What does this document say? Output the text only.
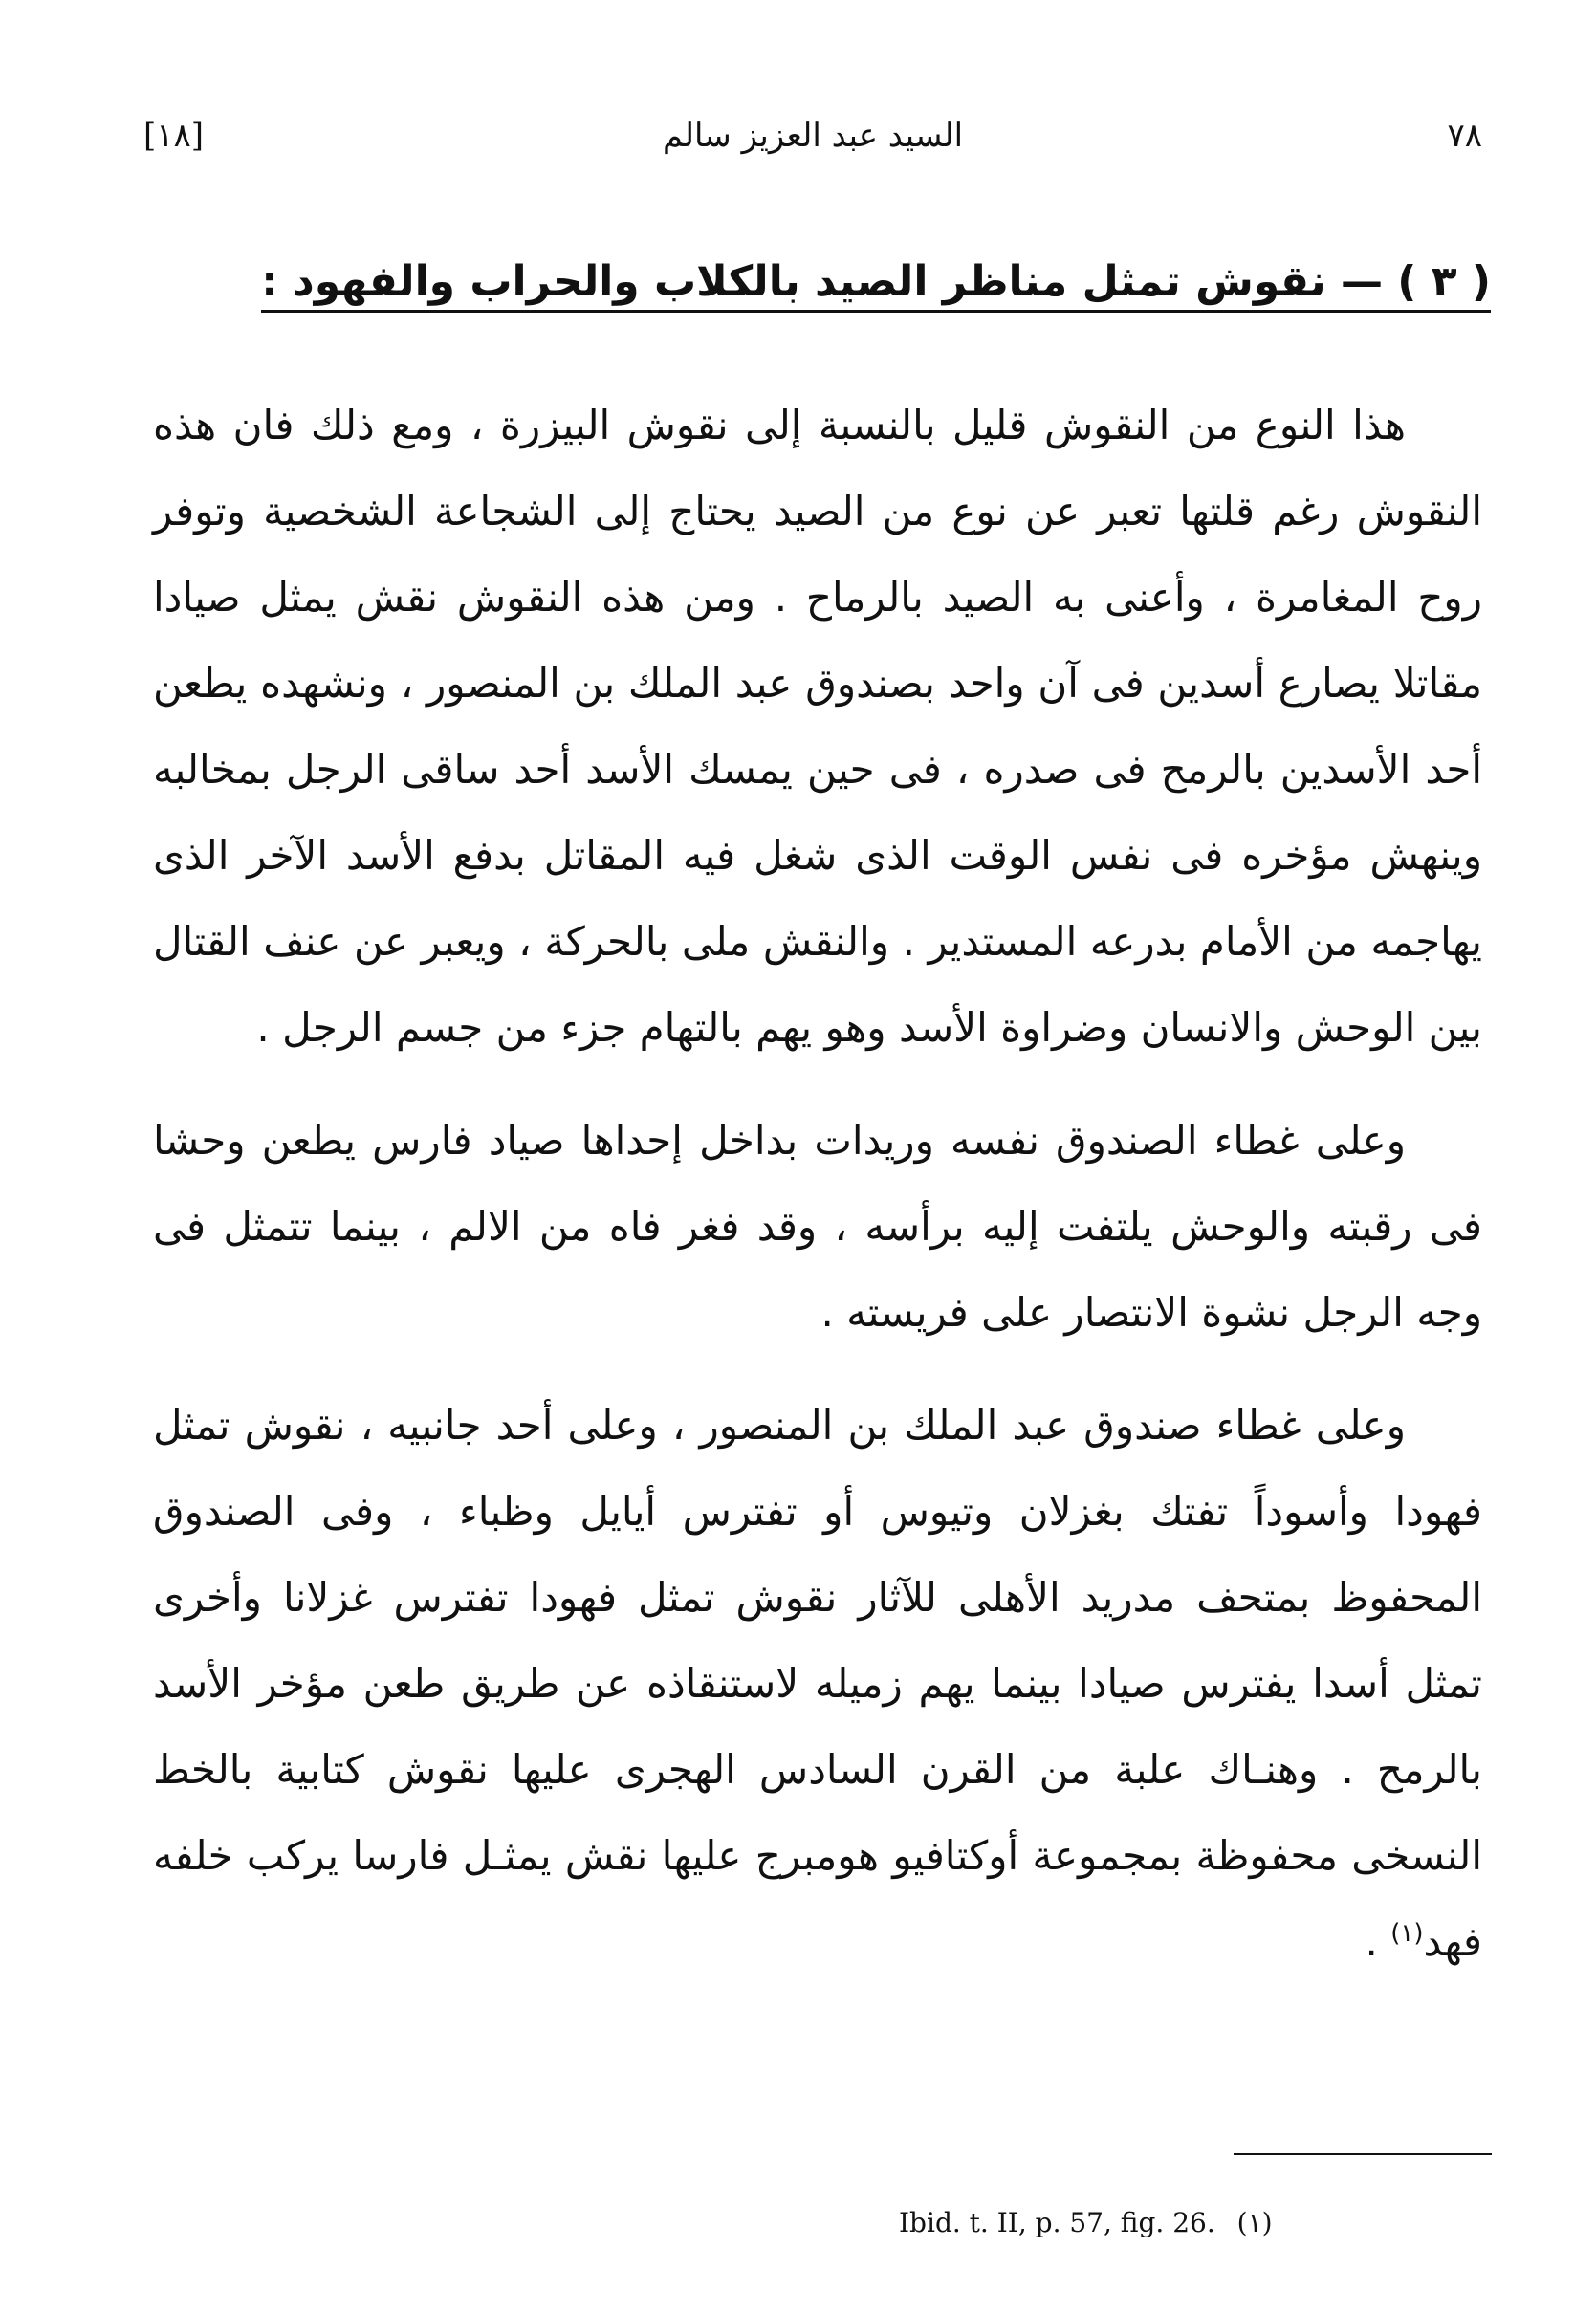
٧٨
السيد عبد العزيز سالم
[١٨]
( ٣ ) — نقوش تمثل مناظر الصيد بالكلاب والحراب والفهود :

هذا النوع من النقوش قليل بالنسبة إلى نقوش البيزرة ، ومع ذلك فان هذه النقوش رغم قلتها تعبر عن نوع من الصيد يحتاج إلى الشجاعة الشخصية وتوفر روح المغامرة ، وأعنى به الصيد بالرماح . ومن هذه النقوش نقش يمثل صيادا مقاتلا يصارع أسدين فى آن واحد بصندوق عبد الملك بن المنصور ، ونشهده يطعن أحد الأسدين بالرمح فى صدره ، فى حين يمسك الأسد أحد ساقى الرجل بمخالبه وينهش مؤخره فى نفس الوقت الذى شغل فيه المقاتل بدفع الأسد الآخر الذى يهاجمه من الأمام بدرعه المستدير . والنقش ملى بالحركة ، ويعبر عن عنف القتال بين الوحش والانسان وضراوة الأسد وهو يهم بالتهام جزء من جسم الرجل .

وعلى غطاء الصندوق نفسه وريدات بداخل إحداها صياد فارس يطعن وحشا فى رقبته والوحش يلتفت إليه برأسه ، وقد فغر فاه من الالم ، بينما تتمثل فى وجه الرجل نشوة الانتصار على فريسته .

وعلى غطاء صندوق عبد الملك بن المنصور ، وعلى أحد جانبيه ، نقوش تمثل فهودا وأسوداً تفتك بغزلان وتيوس أو تفترس أيايل وظباء ، وفى الصندوق المحفوظ بمتحف مدريد الأهلى للآثار نقوش تمثل فهودا تفترس غزلانا وأخرى تمثل أسدا يفترس صيادا بينما يهم زميله لاستنقاذه عن طريق طعن مؤخر الأسد بالرمح . وهنـاك علبة من القرن السادس الهجرى عليها نقوش كتابية بالخط النسخى محفوظة بمجموعة أوكتافيو هومبرج عليها نقش يمثـل فارسا يركب خلفه فهد$^{(١)}$ .

Ibid. t. II, p. 57, fig. 26. (١)
